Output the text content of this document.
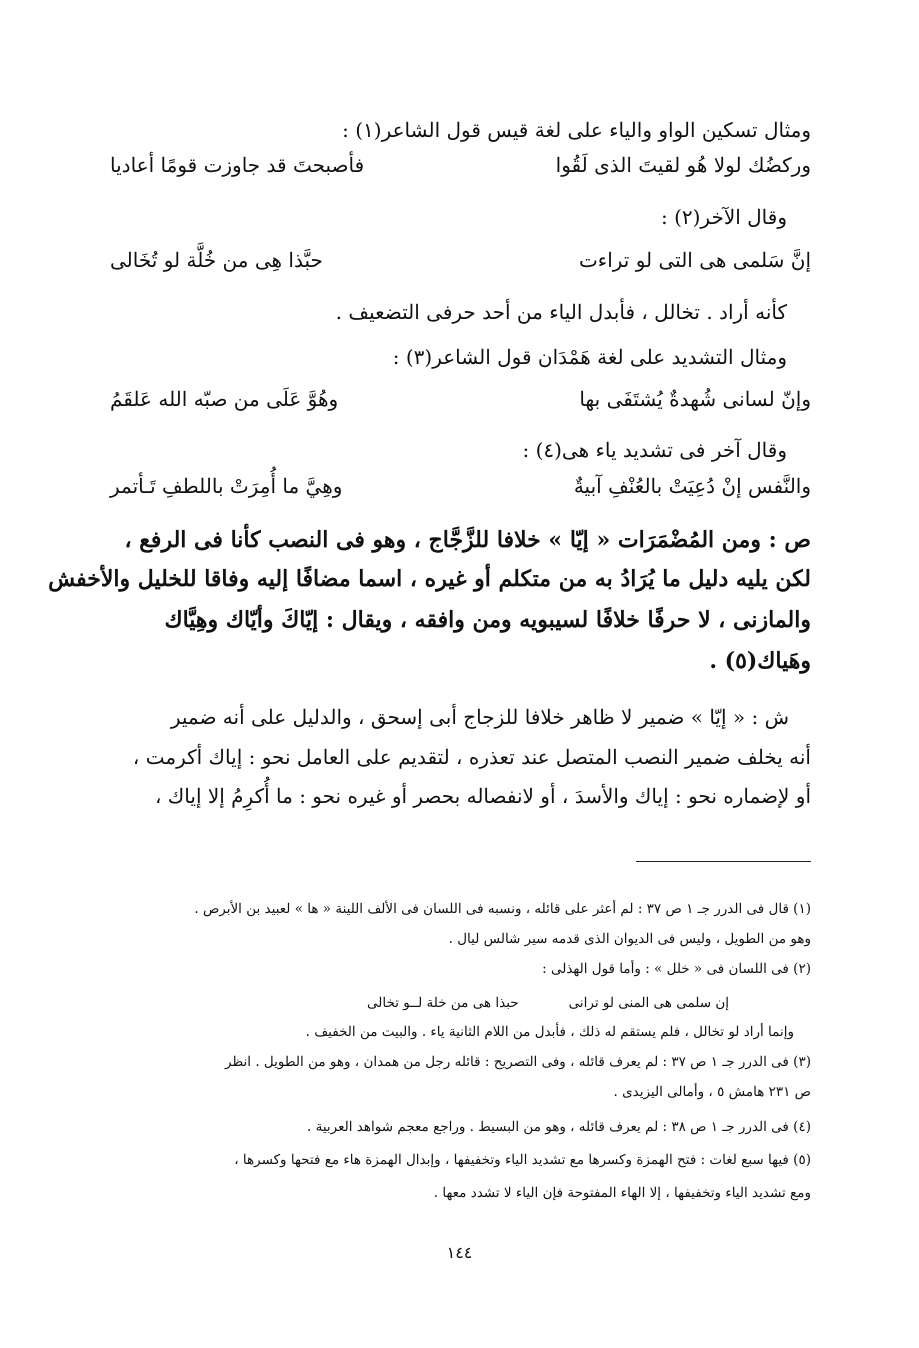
ومثال تسكين الواو والياء على لغة قيس قول الشاعر(١) :
وركضُك لولا هُو لقيتَ الذى لَقُوا
فأصبحتَ قد جاوزت قومًا أعاديا
وقال الآخر(٢) :
إنَّ سَلمى هى التى لو تراءت
حبَّذا هِى من خُلَّة لو تُخَالى
كأنه أراد . تخالل ، فأبدل الياء من أحد حرفى التضعيف .
ومثال التشديد على لغة هَمْدَان قول الشاعر(٣) :
وإنّ لسانى شُهدةٌ يُشتَفَى بها
وهُوَّ عَلَى من صبّه الله عَلقَمُ
وقال آخر فى تشديد ياء هى(٤) :
والنَّفس إنْ دُعِيَتْ بالعُنْفِ آبيةٌ
وهِيَّ ما أُمِرَتْ باللطفِ تَـأتمر
ص : ومن المُضْمَرَات « إيّا » خلافا للزَّجَّاج ، وهو فى النصب كأنا فى الرفع ،
لكن يليه دليل ما يُرَادُ به من متكلم أو غيره ، اسما مضافًا إليه وفاقا للخليل والأخفش
والمازنى ، لا حرفًا خلافًا لسيبويه ومن وافقه ، ويقال : إيّاكَ وأيّاك وهِيَّاك
وهَياك(٥) .
ش : « إيّا » ضمير لا ظاهر خلافا للزجاج أبى إسحق ، والدليل على أنه ضمير
أنه يخلف ضمير النصب المتصل عند تعذره ، لتقديم على العامل نحو : إياك أكرمت ،
أو لإضماره نحو : إياك والأسدَ ، أو لانفصاله بحصر أو غيره نحو : ما أُكرِمُ إلا إياك ،
(١) قال فى الدرر جـ ١ ص ٣٧ : لم أعثر على قائله ، ونسبه فى اللسان فى الألف اللينة « ها » لعبيد بن الأبرص .
وهو من الطويل ، وليس فى الديوان الذى قدمه سير شالس ليال .
(٢) فى اللسان فى « خلل » : وأما قول الهذلى :
إن سلمى هى المنى لو ترانى
حبذا هى من خلة لــو تخالى
وإنما أراد لو تخالل ، فلم يستقم له ذلك ، فأبدل من اللام الثانية ياء . والبيت من الخفيف .
(٣) فى الدرر جـ ١ ص ٣٧ : لم يعرف قائله ، وفى التصريح : قائله رجل من همدان ، وهو من الطويل . انظر
ص ٢٣١ هامش ٥ ، وأمالى اليزيدى .
(٤) فى الدرر جـ ١ ص ٣٨ : لم يعرف قائله ، وهو من البسيط . وراجع معجم شواهد العربية .
(٥) فيها سبع لغات : فتح الهمزة وكسرها مع تشديد الياء وتخفيفها ، وإبدال الهمزة هاء مع فتحها وكسرها ،
ومع تشديد الياء وتخفيفها ، إلا الهاء المفتوحة فإن الياء لا تشدد معها .
١٤٤
